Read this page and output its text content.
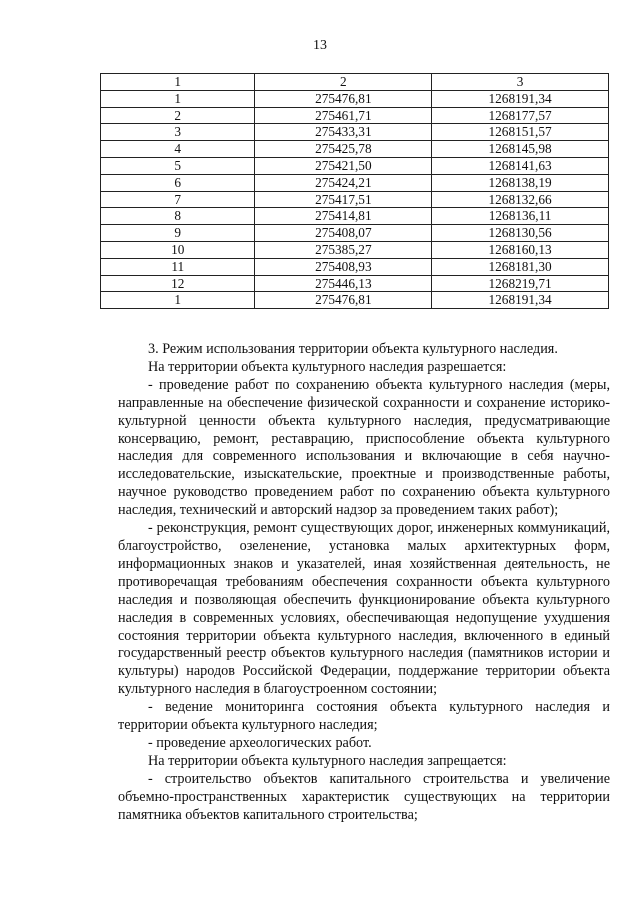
13
1	2	3
1	275476,81	1268191,34
2	275461,71	1268177,57
3	275433,31	1268151,57
4	275425,78	1268145,98
5	275421,50	1268141,63
6	275424,21	1268138,19
7	275417,51	1268132,66
8	275414,81	1268136,11
9	275408,07	1268130,56
10	275385,27	1268160,13
11	275408,93	1268181,30
12	275446,13	1268219,71
1	275476,81	1268191,34

3. Режим использования территории объекта культурного наследия.

На территории объекта культурного наследия разрешается:

- проведение работ по сохранению объекта культурного наследия (меры, направленные на обеспечение физической сохранности и сохранение историко-культурной ценности объекта культурного наследия, предусматривающие консервацию, ремонт, реставрацию, приспособление объекта культурного наследия для современного использования и включающие в себя научно-исследовательские, изыскательские, проектные и производственные работы, научное руководство проведением работ по сохранению объекта культурного наследия, технический и авторский надзор за проведением таких работ);

- реконструкция, ремонт существующих дорог, инженерных коммуникаций, благоустройство, озеленение, установка малых архитектурных форм, информационных знаков и указателей, иная хозяйственная деятельность, не противоречащая требованиям обеспечения сохранности объекта культурного наследия и позволяющая обеспечить функционирование объекта культурного наследия в современных условиях, обеспечивающая недопущение ухудшения состояния территории объекта культурного наследия, включенного в единый государственный реестр объектов культурного наследия (памятников истории и культуры) народов Российской Федерации, поддержание территории объекта культурного наследия в благоустроенном состоянии;

- ведение мониторинга состояния объекта культурного наследия и территории объекта культурного наследия;

- проведение археологических работ.

На территории объекта культурного наследия запрещается:

- строительство объектов капитального строительства и увеличение объемно-пространственных характеристик существующих на территории памятника объектов капитального строительства;
